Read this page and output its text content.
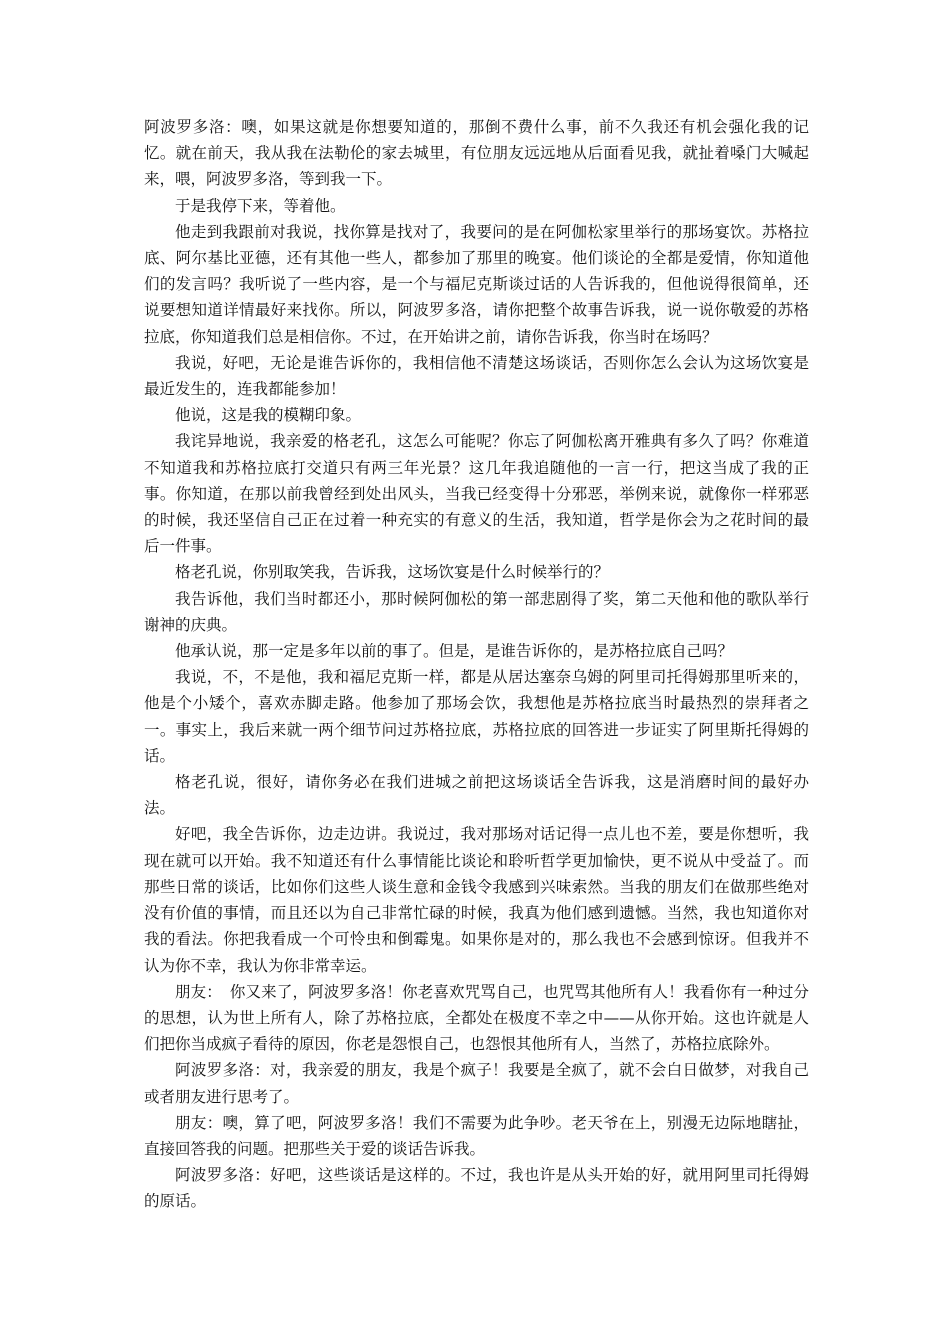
阿波罗多洛：噢，如果这就是你想要知道的，那倒不费什么事，前不久我还有机会强化我的记忆。就在前天，我从我在法勒伦的家去城里，有位朋友远远地从后面看见我，就扯着嗓门大喊起来，喂，阿波罗多洛，等到我一下。

于是我停下来，等着他。

他走到我跟前对我说，找你算是找对了，我要问的是在阿伽松家里举行的那场宴饮。苏格拉底、阿尔基比亚德，还有其他一些人，都参加了那里的晚宴。他们谈论的全都是爱情，你知道他们的发言吗？我听说了一些内容，是一个与福尼克斯谈过话的人告诉我的，但他说得很简单，还说要想知道详情最好来找你。所以，阿波罗多洛，请你把整个故事告诉我，说一说你敬爱的苏格拉底，你知道我们总是相信你。不过，在开始讲之前，请你告诉我，你当时在场吗？

我说，好吧，无论是谁告诉你的，我相信他不清楚这场谈话，否则你怎么会认为这场饮宴是最近发生的，连我都能参加！

他说，这是我的模糊印象。

我诧异地说，我亲爱的格老孔，这怎么可能呢？你忘了阿伽松离开雅典有多久了吗？你难道不知道我和苏格拉底打交道只有两三年光景？这几年我追随他的一言一行，把这当成了我的正事。你知道，在那以前我曾经到处出风头，当我已经变得十分邪恶，举例来说，就像你一样邪恶的时候，我还坚信自己正在过着一种充实的有意义的生活，我知道，哲学是你会为之花时间的最后一件事。

格老孔说，你别取笑我，告诉我，这场饮宴是什么时候举行的？

我告诉他，我们当时都还小，那时候阿伽松的第一部悲剧得了奖，第二天他和他的歌队举行谢神的庆典。

他承认说，那一定是多年以前的事了。但是，是谁告诉你的，是苏格拉底自己吗？

我说，不，不是他，我和福尼克斯一样，都是从居达塞奈乌姆的阿里司托得姆那里听来的，他是个小矮个，喜欢赤脚走路。他参加了那场会饮，我想他是苏格拉底当时最热烈的崇拜者之一。事实上，我后来就一两个细节问过苏格拉底，苏格拉底的回答进一步证实了阿里斯托得姆的话。

格老孔说，很好，请你务必在我们进城之前把这场谈话全告诉我，这是消磨时间的最好办法。

好吧，我全告诉你，边走边讲。我说过，我对那场对话记得一点儿也不差，要是你想听，我现在就可以开始。我不知道还有什么事情能比谈论和聆听哲学更加愉快，更不说从中受益了。而那些日常的谈话，比如你们这些人谈生意和金钱令我感到兴味索然。当我的朋友们在做那些绝对没有价值的事情，而且还以为自己非常忙碌的时候，我真为他们感到遗憾。当然，我也知道你对我的看法。你把我看成一个可怜虫和倒霉鬼。如果你是对的，那么我也不会感到惊讶。但我并不认为你不幸，我认为你非常幸运。

朋友：　你又来了，阿波罗多洛！你老喜欢咒骂自己，也咒骂其他所有人！我看你有一种过分的思想，认为世上所有人，除了苏格拉底，全都处在极度不幸之中——从你开始。这也许就是人们把你当成疯子看待的原因，你老是怨恨自己，也怨恨其他所有人，当然了，苏格拉底除外。

阿波罗多洛：对，我亲爱的朋友，我是个疯子！我要是全疯了，就不会白日做梦，对我自己或者朋友进行思考了。

朋友：噢，算了吧，阿波罗多洛！我们不需要为此争吵。老天爷在上，别漫无边际地瞎扯，直接回答我的问题。把那些关于爱的谈话告诉我。

阿波罗多洛：好吧，这些谈话是这样的。不过，我也许是从头开始的好，就用阿里司托得姆的原话。
